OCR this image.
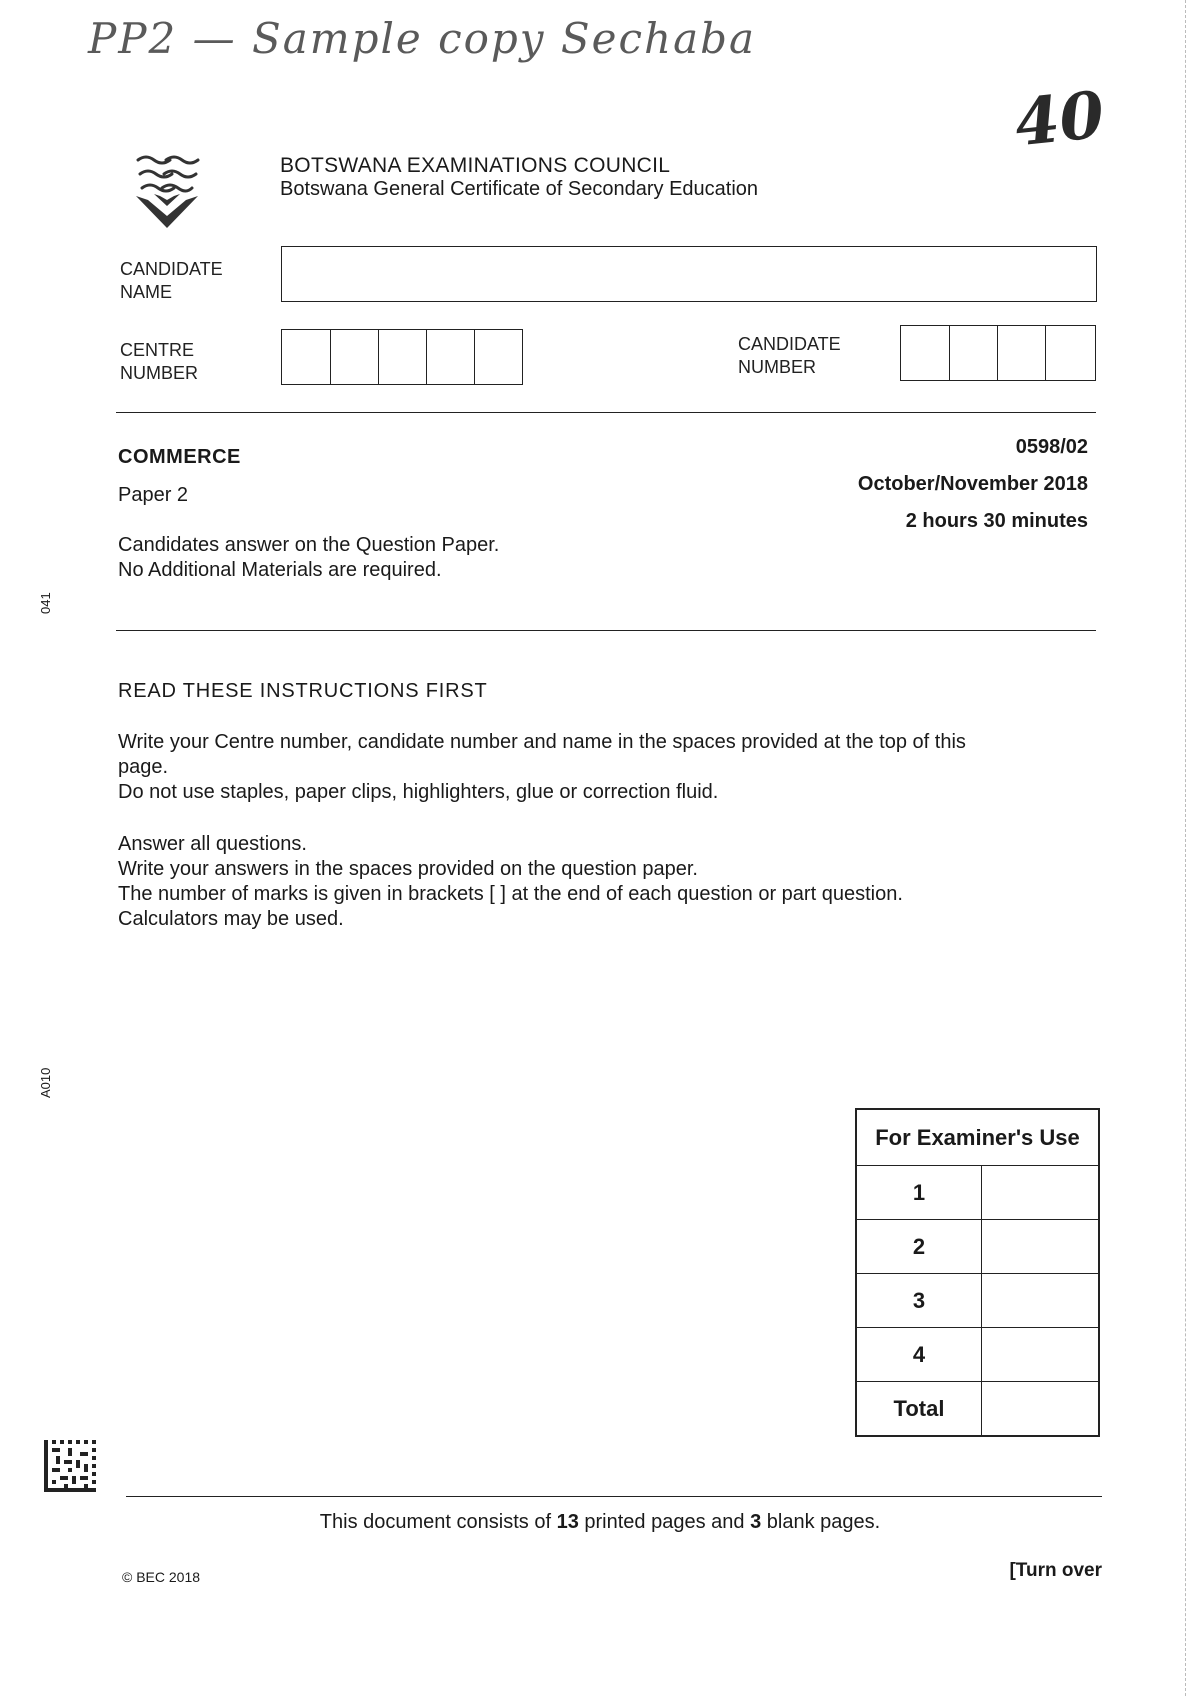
PP2 — Sample copy Sechaba
40
BOTSWANA EXAMINATIONS COUNCIL
Botswana General Certificate of Secondary Education
CANDIDATE
NAME
CENTRE
NUMBER
CANDIDATE
NUMBER
COMMERCE
Paper 2
0598/02
October/November 2018
2 hours 30 minutes
Candidates answer on the Question Paper.
No Additional Materials are required.
READ THESE INSTRUCTIONS FIRST
Write your Centre number, candidate number and name in the spaces provided at the top of this
page.
Do not use staples, paper clips, highlighters, glue or correction fluid.
Answer all questions.
Write your answers in the spaces provided on the question paper.
The number of marks is given in brackets [ ] at the end of each question or part question.
Calculators may be used.
041
A010
For Examiner's Use	
1	
2	
3	
4	
Total	
This document consists of 13 printed pages and 3 blank pages.
© BEC 2018	[Turn over
